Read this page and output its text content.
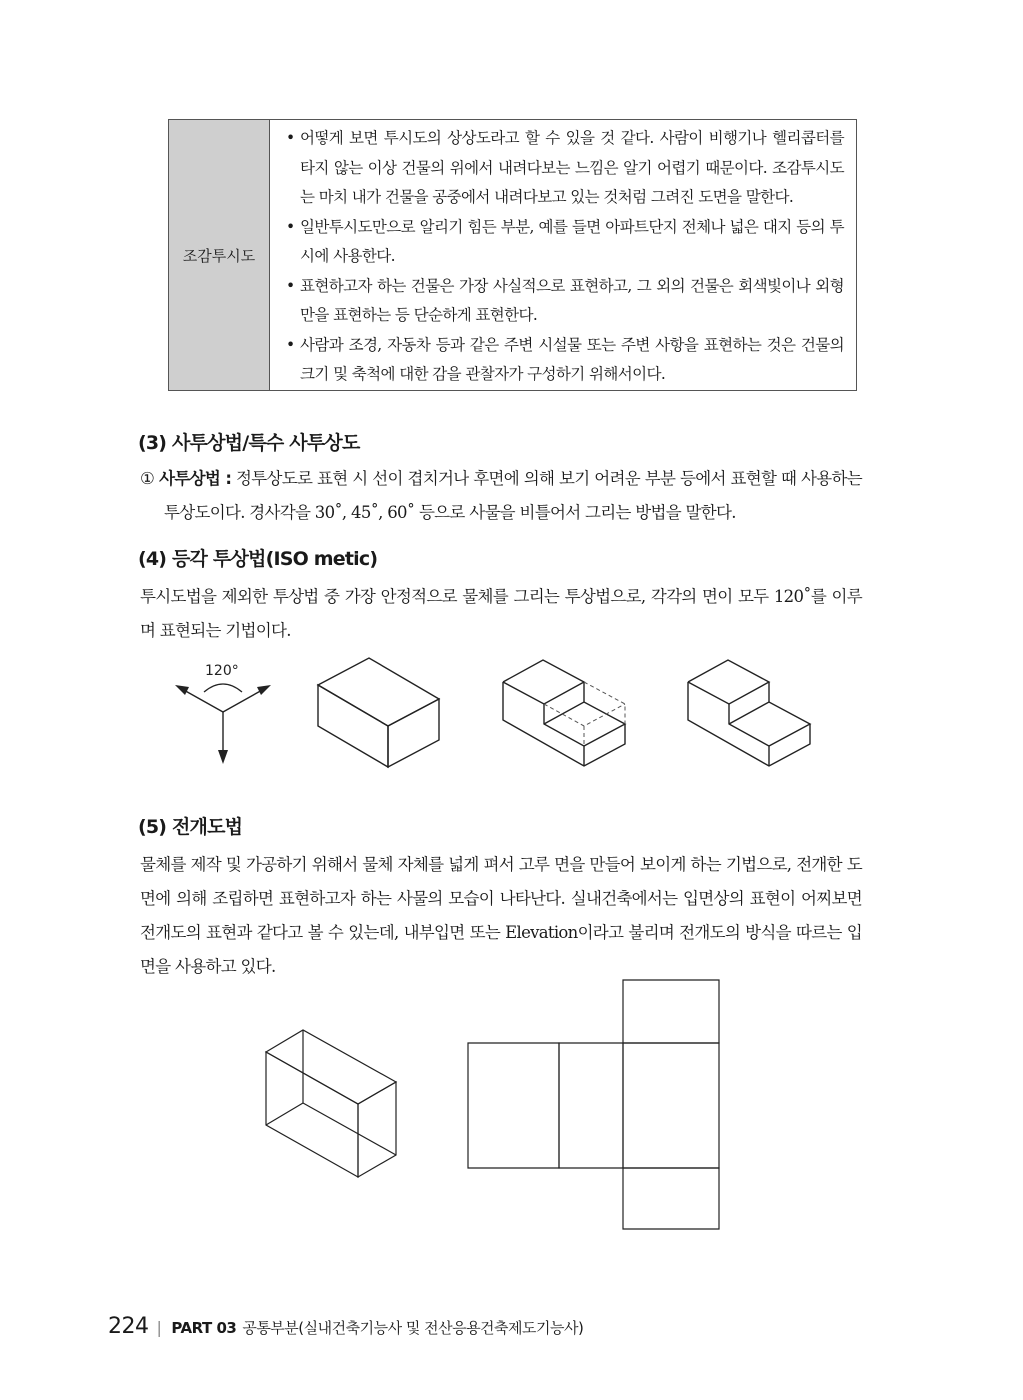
조감투시도
• 어떻게 보면 투시도의 상상도라고 할 수 있을 것 같다. 사람이 비행기나 헬리콥터를 타지 않는 이상 건물의 위에서 내려다보는 느낌은 알기 어렵기 때문이다. 조감투시도는 마치 내가 건물을 공중에서 내려다보고 있는 것처럼 그려진 도면을 말한다.
• 일반투시도만으로 알리기 힘든 부분, 예를 들면 아파트단지 전체나 넓은 대지 등의 투시에 사용한다.
• 표현하고자 하는 건물은 가장 사실적으로 표현하고, 그 외의 건물은 회색빛이나 외형만을 표현하는 등 단순하게 표현한다.
• 사람과 조경, 자동차 등과 같은 주변 시설물 또는 주변 사항을 표현하는 것은 건물의 크기 및 축척에 대한 감을 관찰자가 구성하기 위해서이다.
(3) 사투상법/특수 사투상도
① 사투상법 : 정투상도로 표현 시 선이 겹치거나 후면에 의해 보기 어려운 부분 등에서 표현할 때 사용하는 투상도이다. 경사각을 30˚, 45˚, 60˚ 등으로 사물을 비틀어서 그리는 방법을 말한다.
(4) 등각 투상법(ISO metic)
투시도법을 제외한 투상법 중 가장 안정적으로 물체를 그리는 투상법으로, 각각의 면이 모두 120˚를 이루며 표현되는 기법이다.
120°
(5) 전개도법
물체를 제작 및 가공하기 위해서 물체 자체를 넓게 펴서 고루 면을 만들어 보이게 하는 기법으로, 전개한 도면에 의해 조립하면 표현하고자 하는 사물의 모습이 나타난다. 실내건축에서는 입면상의 표현이 어찌보면 전개도의 표현과 같다고 볼 수 있는데, 내부입면 또는 Elevation이라고 불리며 전개도의 방식을 따르는 입면을 사용하고 있다.
224 | PART 03 공통부분(실내건축기능사 및 전산응용건축제도기능사)
